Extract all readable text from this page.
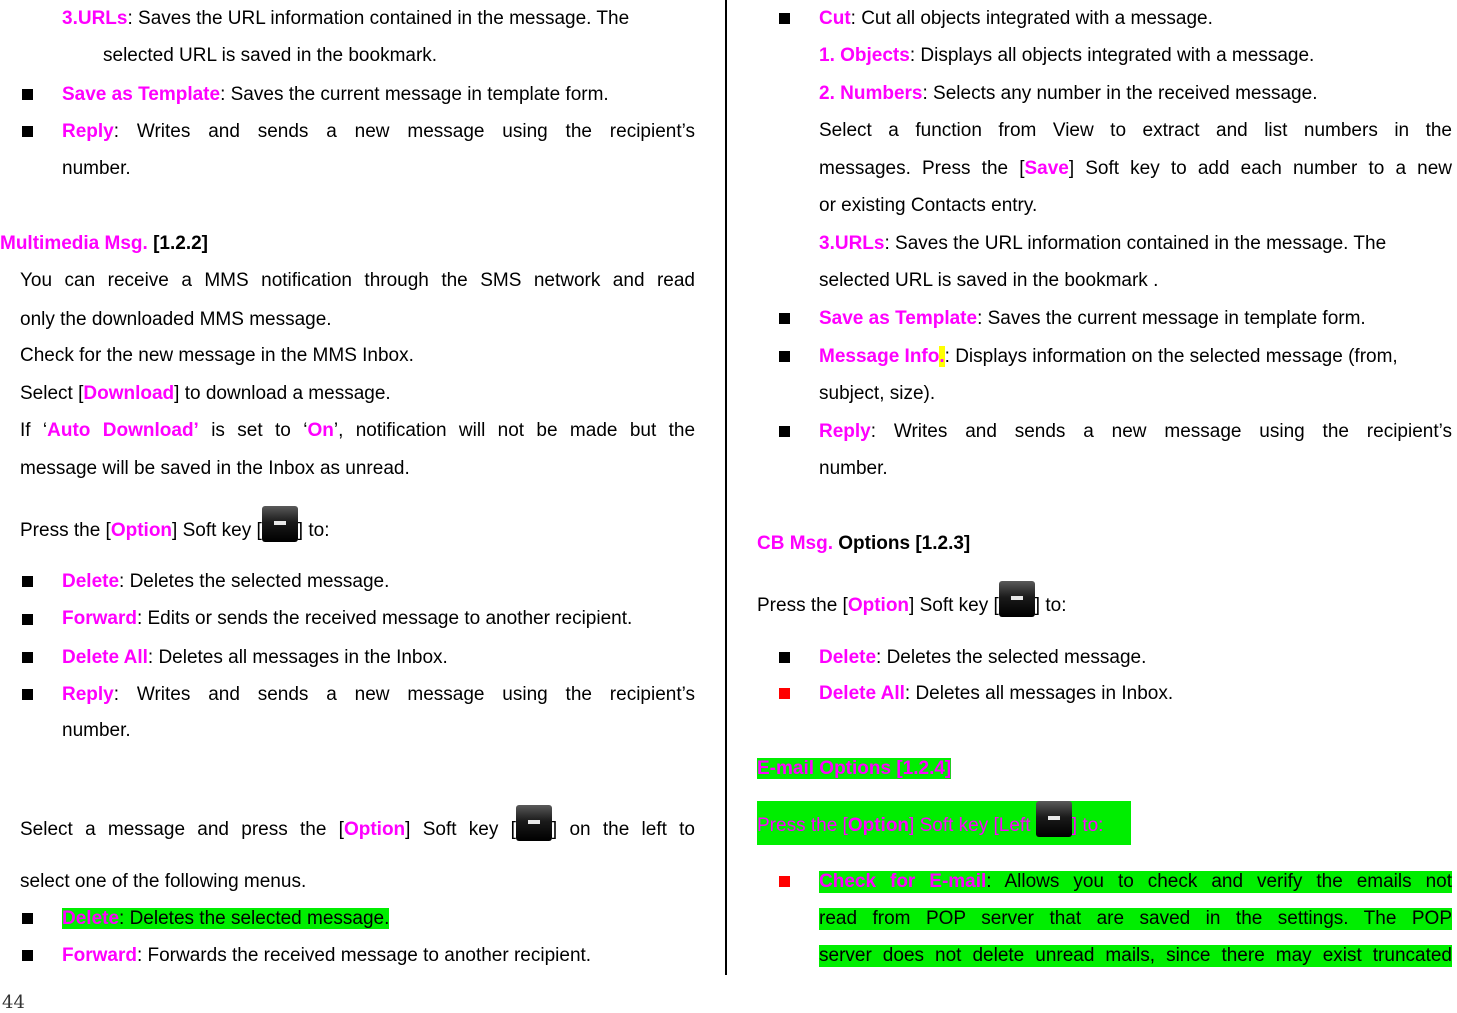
3.URLs: Saves the URL information contained in the message. The
selected URL is saved in the bookmark.
Save as Template: Saves the current message in template form.
Reply: Writes and sends a new message using the recipient’s
number.
Multimedia Msg. [1.2.2]
You can receive a MMS notification through the SMS network and read
only the downloaded MMS message.
Check for the new message in the MMS Inbox.
Select [Download] to download a message.
If ‘Auto Download’ is set to ‘On’, notification will not be made but the
message will be saved in the Inbox as unread.
Press the [Option] Soft key [ ] to:
Delete: Deletes the selected message.
Forward: Edits or sends the received message to another recipient.
Delete All: Deletes all messages in the Inbox.
Reply: Writes and sends a new message using the recipient’s
number.
Select a message and press the [Option] Soft key [ ] on the left to
select one of the following menus.
Delete: Deletes the selected message.
Forward: Forwards the received message to another recipient.
Cut: Cut all objects integrated with a message.
1. Objects: Displays all objects integrated with a message.
2. Numbers: Selects any number in the received message.
Select a function from View to extract and list numbers in the
messages. Press the [Save] Soft key to add each number to a new
or existing Contacts entry.
3.URLs: Saves the URL information contained in the message. The
selected URL is saved in the bookmark .
Save as Template: Saves the current message in template form.
Message Info.: Displays information on the selected message (from,
subject, size).
Reply: Writes and sends a new message using the recipient’s
number.
CB Msg. Options [1.2.3]
Press the [Option] Soft key [ ] to:
Delete: Deletes the selected message.
Delete All: Deletes all messages in Inbox.
E-mail Options [1.2.4]
Press the [Option] Soft key [Left ] to:
Check for E-mail: Allows you to check and verify the emails not
read from POP server that are saved in the settings. The POP
server does not delete unread mails, since there may exist truncated
44
